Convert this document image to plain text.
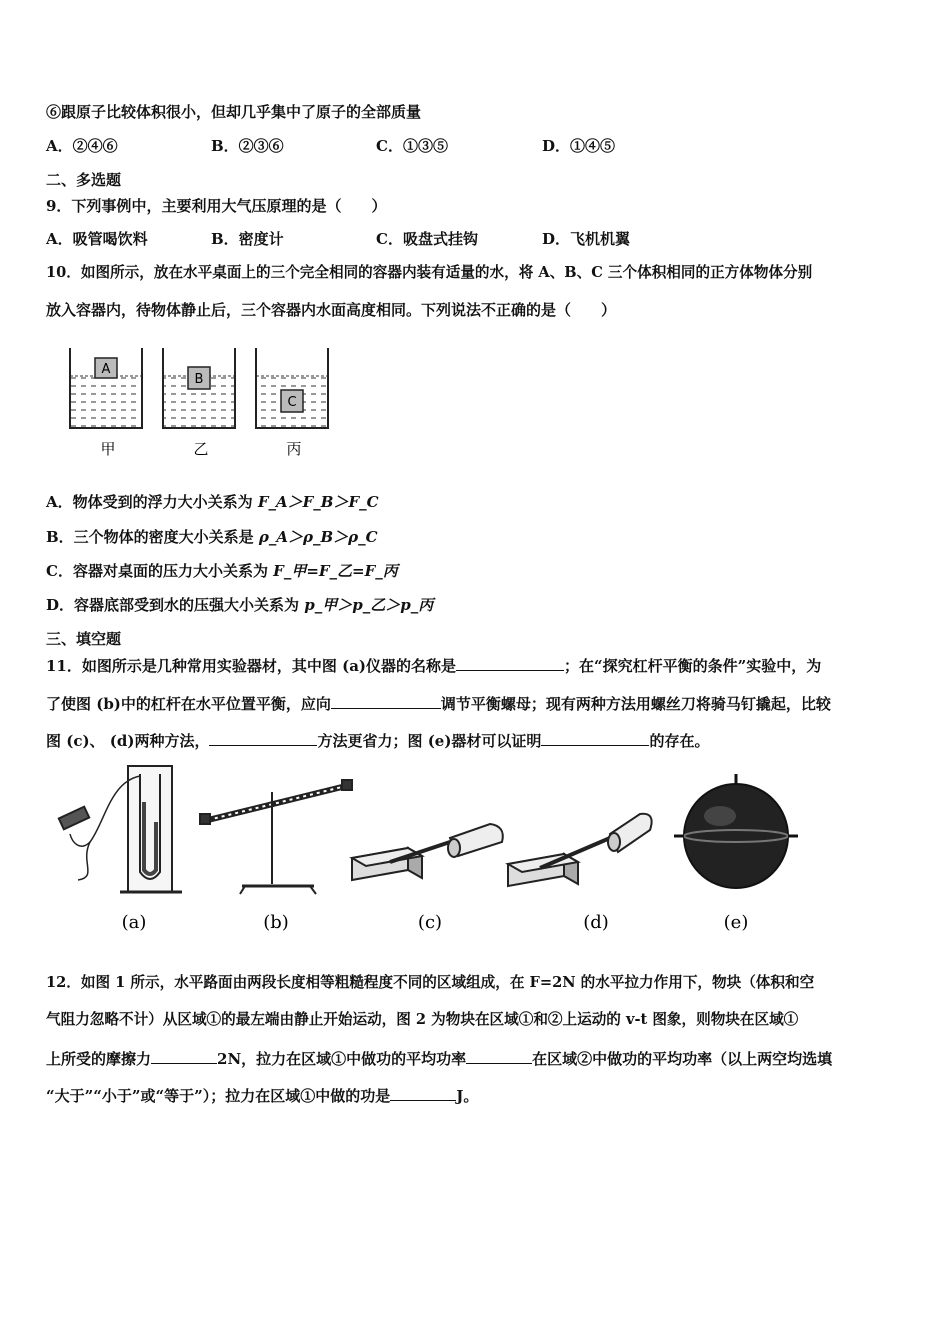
⑥跟原子比较体积很小，但却几乎集中了原子的全部质量
A．②④⑥	B．②③⑥	C．①③⑤	D．①④⑤
二、多选题
9．下列事例中，主要利用大气压原理的是（　　）
A．吸管喝饮料	B．密度计	C．吸盘式挂钩	D．飞机机翼
10．如图所示，放在水平桌面上的三个完全相同的容器内装有适量的水，将 A、B、C 三个体积相同的正方体物体分别
放入容器内，待物体静止后，三个容器内水面高度相同。下列说法不正确的是（　　）
A
B
C
甲	乙	丙
A．物体受到的浮力大小关系为 F_A＞F_B＞F_C
B．三个物体的密度大小关系是 ρ_A＞ρ_B＞ρ_C
C．容器对桌面的压力大小关系为 F_甲=F_乙=F_丙
D．容器底部受到水的压强大小关系为 p_甲＞p_乙＞p_丙
三、填空题
11．如图所示是几种常用实验器材，其中图 (a)仪器的名称是	；在“探究杠杆平衡的条件”实验中，为
了使图 (b)中的杠杆在水平位置平衡，应向	调节平衡螺母；现有两种方法用螺丝刀将骑马钉撬起，比较
图 (c)、 (d)两种方法，	方法更省力；图 (e)器材可以证明	的存在。
(a)	(b)	(c)	(d)	(e)
12．如图 1 所示，水平路面由两段长度相等粗糙程度不同的区域组成，在 F=2N 的水平拉力作用下，物块（体积和空
气阻力忽略不计）从区域①的最左端由静止开始运动，图 2 为物块在区域①和②上运动的 v-t 图象，则物块在区域①
上所受的摩擦力	2N，拉力在区域①中做功的平均功率	在区域②中做功的平均功率（以上两空均选填
“大于”“小于”或“等于”）；拉力在区域①中做的功是	J。
